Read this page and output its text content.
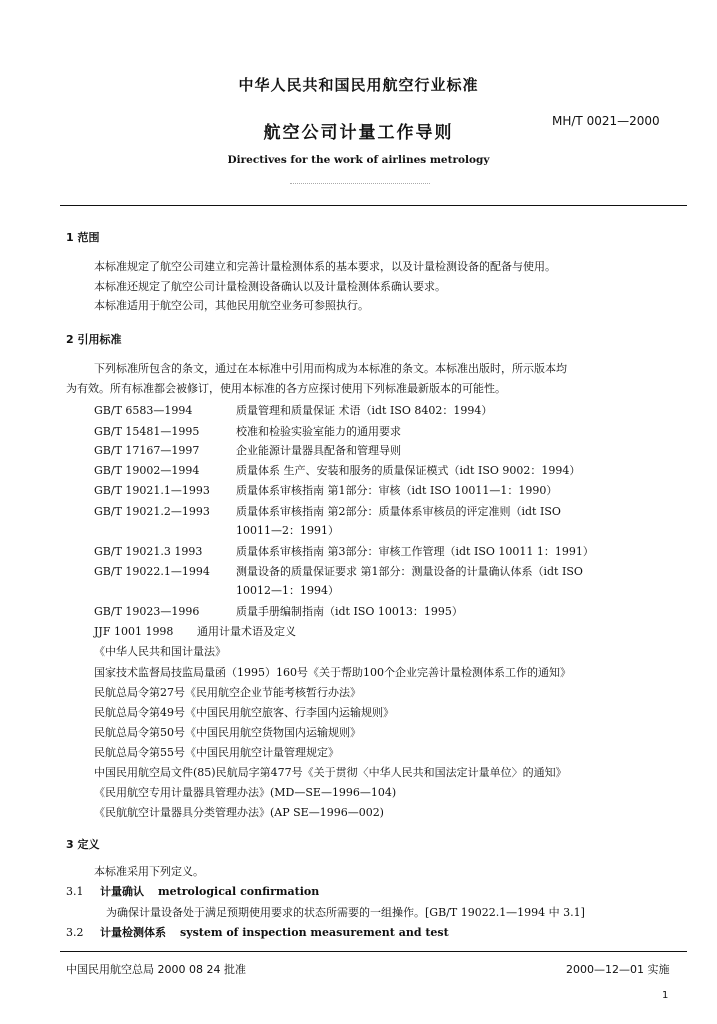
中华人民共和国民用航空行业标准
MH/T 0021—2000
航空公司计量工作导则
Directives for the work of airlines metrology
1 范围
本标准规定了航空公司建立和完善计量检测体系的基本要求，以及计量检测设备的配备与使用。
本标准还规定了航空公司计量检测设备确认以及计量检测体系确认要求。
本标准适用于航空公司，其他民用航空业务可参照执行。
2 引用标准
下列标准所包含的条文，通过在本标准中引用而构成为本标准的条文。本标准出版时，所示版本均
为有效。所有标准都会被修订，使用本标准的各方应探讨使用下列标准最新版本的可能性。
GB/T 6583—1994	质量管理和质量保证 术语（idt ISO 8402：1994）
GB/T 15481—1995	校准和检验实验室能力的通用要求
GB/T 17167—1997	企业能源计量器具配备和管理导则
GB/T 19002—1994	质量体系 生产、安装和服务的质量保证模式（idt ISO 9002：1994）
GB/T 19021.1—1993 质量体系审核指南 第1部分：审核（idt ISO 10011—1：1990）
GB/T 19021.2—1993 质量体系审核指南 第2部分：质量体系审核员的评定准则（idt ISO
10011—2：1991）
GB/T 19021.3 1993	质量体系审核指南 第3部分：审核工作管理（idt ISO 10011 1：1991）
GB/T 19022.1—1994 测量设备的质量保证要求 第1部分：测量设备的计量确认体系（idt ISO
10012—1：1994）
GB/T 19023—1996	质量手册编制指南（idt ISO 10013：1995）
JJF 1001 1998 通用计量术语及定义
《中华人民共和国计量法》
国家技术监督局技监局量函（1995）160号《关于帮助100个企业完善计量检测体系工作的通知》
民航总局令第27号《民用航空企业节能考核暂行办法》
民航总局令第49号《中国民用航空旅客、行李国内运输规则》
民航总局令第50号《中国民用航空货物国内运输规则》
民航总局令第55号《中国民用航空计量管理规定》
中国民用航空局文件(85)民航局字第477号《关于贯彻〈中华人民共和国法定计量单位〉的通知》
《民用航空专用计量器具管理办法》(MD—SE—1996—104)
《民航航空计量器具分类管理办法》(AP SE—1996—002)
3 定义
本标准采用下列定义。
3.1 计量确认 metrological confirmation
为确保计量设备处于满足预期使用要求的状态所需要的一组操作。[GB/T 19022.1—1994 中 3.1]
3.2 计量检测体系 system of inspection measurement and test
中国民用航空总局 2000 08 24 批准	2000—12—01 实施
1
